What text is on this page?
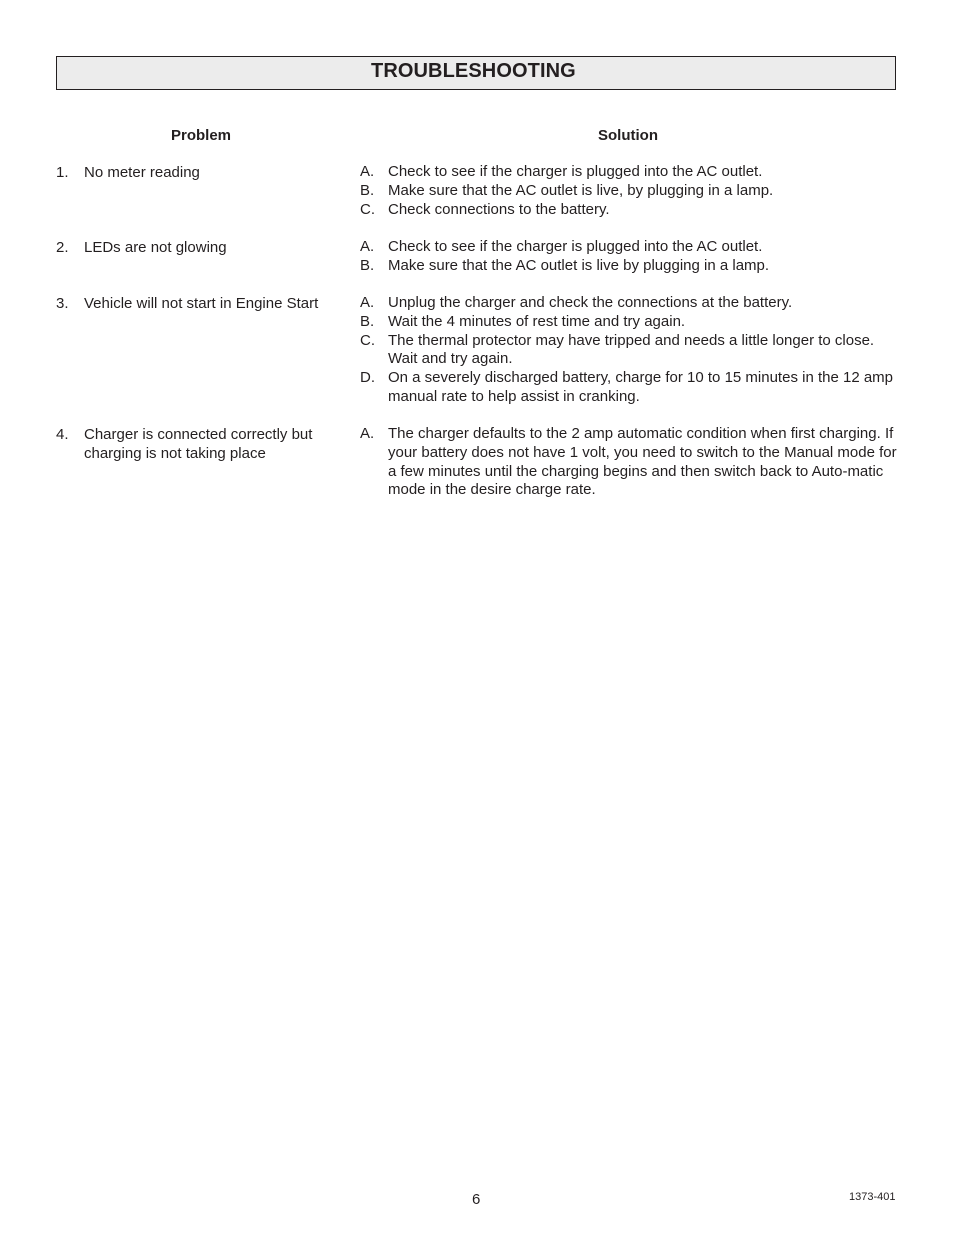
TROUBLESHOOTING
Problem	Solution
1. No meter reading	A. Check to see if the charger is plugged into the AC outlet.
B. Make sure that the AC outlet is live, by plugging in a lamp.
C. Check connections to the battery.
2. LEDs are not glowing	A. Check to see if the charger is plugged into the AC outlet.
B. Make sure that the AC outlet is live by plugging in a lamp.
3. Vehicle will not start in Engine Start	A. Unplug the charger and check the connections at the battery.
B. Wait the 4 minutes of rest time and try again.
C. The thermal protector may have tripped and needs a little longer to close. Wait and try again.
D. On a severely discharged battery, charge for 10 to 15 minutes in the 12 amp manual rate to help assist in cranking.
4. Charger is connected correctly but charging is not taking place
A. The charger defaults to the 2 amp automatic condition when first charging. If your battery does not have 1 volt, you need to switch to the Manual mode for a few minutes until the charging begins and then switch back to Auto-matic mode in the desire charge rate.
6	1373-401
